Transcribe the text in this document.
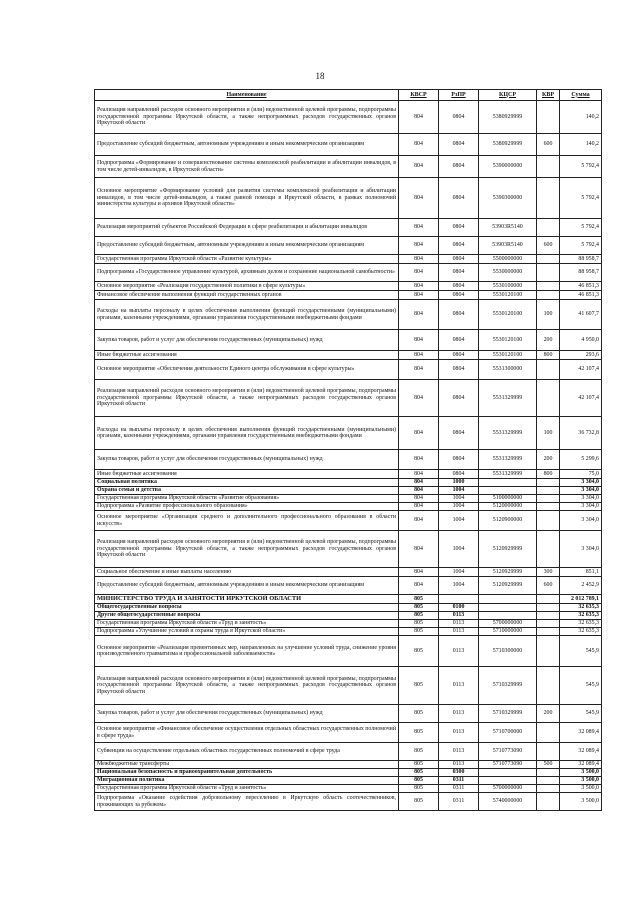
18
Наименование	КВСР	РзПР	КЦСР	КВР	Сумма
Реализация направлений расходов основного мероприятия и (или) ведомственной целевой программы, подпрограммы государственной программы Иркутской области, а также непрограммных расходов государственных органов Иркутской области	804	0804	5380929999		140,2
Предоставление субсидий бюджетным, автономным учреждениям и иным некоммерческим организациям	804	0804	5380929999	600	140,2
Подпрограмма «Формирование и совершенствование системы комплексной реабилитации и абилитации инвалидов, в том числе детей-инвалидов, в Иркутской области»	804	0804	5390000000		5 792,4
Основное мероприятие «Формирование условий для развития системы комплексной реабилитации и абилитации инвалидов, в том числе детей-инвалидов, а также равной помощи в Иркутской области, в рамках полномочий министерства культуры и архивов Иркутской области»	804	0804	5390300000		5 792,4
Реализация мероприятий субъектов Российской Федерации в сфере реабилитации и абилитации инвалидов	804	0804	53903R5140		5 792,4
Предоставление субсидий бюджетным, автономным учреждениям и иным некоммерческим организациям	804	0804	53903R5140	600	5 792,4
Государственная программа Иркутской области «Развитие культуры»	804	0804	5500000000		88 958,7
Подпрограмма «Государственное управление культурой, архивным делом и сохранение национальной самобытности»	804	0804	5530000000		88 958,7
Основное мероприятие «Реализация государственной политики в сфере культуры»	804	0804	5530100000		46 851,3
Финансовое обеспечение выполнения функций государственных органов	804	0804	5530120100		46 851,3
Расходы на выплаты персоналу в целях обеспечения выполнения функций государственными (муниципальными) органами, казенными учреждениями, органами управления государственными внебюджетными фондами	804	0804	5530120100	100	41 607,7
Закупка товаров, работ и услуг для обеспечения государственных (муниципальных) нужд	804	0804	5530120100	200	4 950,0
Иные бюджетные ассигнования	804	0804	5530120100	800	293,6
Основное мероприятие «Обеспечения деятельности Единого центра обслуживания в сфере культуры»	804	0804	5531300000		42 107,4
Реализация направлений расходов основного мероприятия и (или) ведомственной целевой программы, подпрограммы государственной программы Иркутской области, а также непрограммных расходов государственных органов Иркутской области	804	0804	5531329999		42 107,4
Расходы на выплаты персоналу в целях обеспечения выполнения функций государственными (муниципальными) органами, казенными учреждениями, органами управления государственными внебюджетными фондами	804	0804	5531329999	100	36 732,8
Закупка товаров, работ и услуг для обеспечения государственных (муниципальных) нужд	804	0804	5531329999	200	5 299,6
Иные бюджетные ассигнования	804	0804	5531329999	800	75,0
Социальная политика	804	1000			3 304,0
Охрана семьи и детства	804	1004			3 304,0
Государственная программа Иркутской области «Развитие образования»	804	1004	5100000000		3 304,0
Подпрограмма «Развитие профессионального образования»	804	1004	5120000000		3 304,0
Основное мероприятие «Организация среднего и дополнительного профессионального образования в области искусств»	804	1004	5120900000		3 304,0
Реализация направлений расходов основного мероприятия и (или) ведомственной целевой программы, подпрограммы государственной программы Иркутской области, а также непрограммных расходов государственных органов Иркутской области	804	1004	5120929999		3 304,0
Социальное обеспечение и иные выплаты населению	804	1004	5120929999	300	851,1
Предоставление субсидий бюджетным, автономным учреждениям и иным некоммерческим организациям	804	1004	5120929999	600	2 452,9
МИНИСТЕРСТВО ТРУДА И ЗАНЯТОСТИ ИРКУТСКОЙ ОБЛАСТИ	805				2 012 789,1
Общегосударственные вопросы	805	0100			32 635,3
Другие общегосударственные вопросы	805	0113			32 635,3
Государственная программа Иркутской области «Труд и занятость»	805	0113	5700000000		32 635,3
Подпрограмма «Улучшение условий и охраны труда в Иркутской области»	805	0113	5710000000		32 635,3
Основное мероприятие «Реализация превентивных мер, направленных на улучшение условий труда, снижение уровня производственного травматизма и профессиональной заболеваемости»	805	0113	5710300000		545,9
Реализация направлений расходов основного мероприятия и (или) ведомственной целевой программы, подпрограммы государственной программы Иркутской области, а также непрограммных расходов государственных органов Иркутской области	805	0113	5710329999		545,9
Закупка товаров, работ и услуг для обеспечения государственных (муниципальных) нужд	805	0113	5710329999	200	545,9
Основное мероприятие «Финансовое обеспечение осуществления отдельных областных государственных полномочий в сфере труда»	805	0113	5710700000		32 089,4
Субвенции на осуществление отдельных областных государственных полномочий в сфере труда	805	0113	5710773090		32 089,4
Межбюджетные трансферты	805	0113	5710773090	500	32 089,4
Национальная безопасность и правоохранительная деятельность	805	0300			3 500,0
Миграционная политика	805	0311			3 500,0
Государственная программа Иркутской области «Труд и занятость»	805	0311	5700000000		3 500,0
Подпрограмма «Оказание содействия добровольному переселению в Иркутскую область соотечественников, проживающих за рубежом»	805	0311	5740000000		3 500,0
